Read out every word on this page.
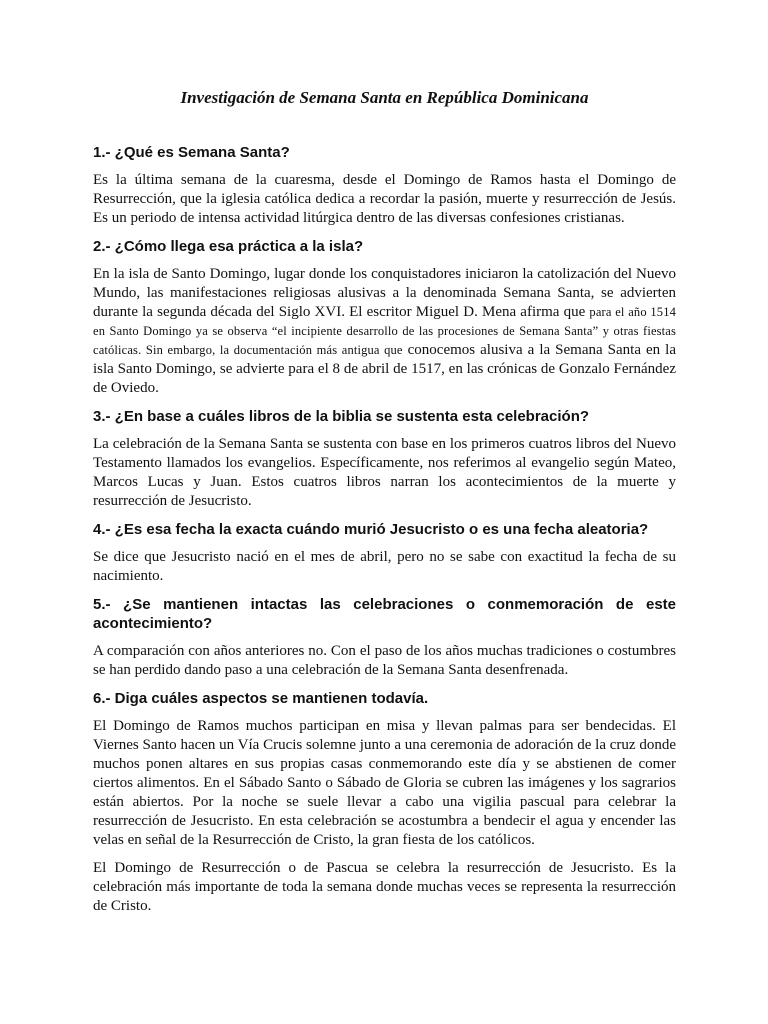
Investigación de Semana Santa en República Dominicana
1.- ¿Qué es Semana Santa?

Es la última semana de la cuaresma, desde el Domingo de Ramos hasta el Domingo de Resurrección, que la iglesia católica dedica a recordar la pasión, muerte y resurrección de Jesús. Es un periodo de intensa actividad litúrgica dentro de las diversas confesiones cristianas.

2.- ¿Cómo llega esa práctica a la isla?

En la isla de Santo Domingo, lugar donde los conquistadores iniciaron la catolización del Nuevo Mundo, las manifestaciones religiosas alusivas a la denominada Semana Santa, se advierten durante la segunda década del Siglo XVI. El escritor Miguel D. Mena afirma que para el año 1514 en Santo Domingo ya se observa “el incipiente desarrollo de las procesiones de Semana Santa” y otras fiestas católicas. Sin embargo, la documentación más antigua que conocemos alusiva a la Semana Santa en la isla Santo Domingo, se advierte para el 8 de abril de 1517, en las crónicas de Gonzalo Fernández de Oviedo.

3.- ¿En base a cuáles libros de la biblia se sustenta esta celebración?

La celebración de la Semana Santa se sustenta con base en los primeros cuatros libros del Nuevo Testamento llamados los evangelios. Específicamente, nos referimos al evangelio según Mateo, Marcos Lucas y Juan. Estos cuatros libros narran los acontecimientos de la muerte y resurrección de Jesucristo.

4.- ¿Es esa fecha la exacta cuándo murió Jesucristo o es una fecha aleatoria?

Se dice que Jesucristo nació en el mes de abril, pero no se sabe con exactitud la fecha de su nacimiento.

5.- ¿Se mantienen intactas las celebraciones o conmemoración de este acontecimiento?

A comparación con años anteriores no. Con el paso de los años muchas tradiciones o costumbres se han perdido dando paso a una celebración de la Semana Santa desenfrenada.

6.- Diga cuáles aspectos se mantienen todavía.

El Domingo de Ramos muchos participan en misa y llevan palmas para ser bendecidas. El Viernes Santo hacen un Vía Crucis solemne junto a una ceremonia de adoración de la cruz donde muchos ponen altares en sus propias casas conmemorando este día y se abstienen de comer ciertos alimentos. En el Sábado Santo o Sábado de Gloria se cubren las imágenes y los sagrarios están abiertos. Por la noche se suele llevar a cabo una vigilia pascual para celebrar la resurrección de Jesucristo. En esta celebración se acostumbra a bendecir el agua y encender las velas en señal de la Resurrección de Cristo, la gran fiesta de los católicos.

El Domingo de Resurrección o de Pascua se celebra la resurrección de Jesucristo. Es la celebración más importante de toda la semana donde muchas veces se representa la resurrección de Cristo.
